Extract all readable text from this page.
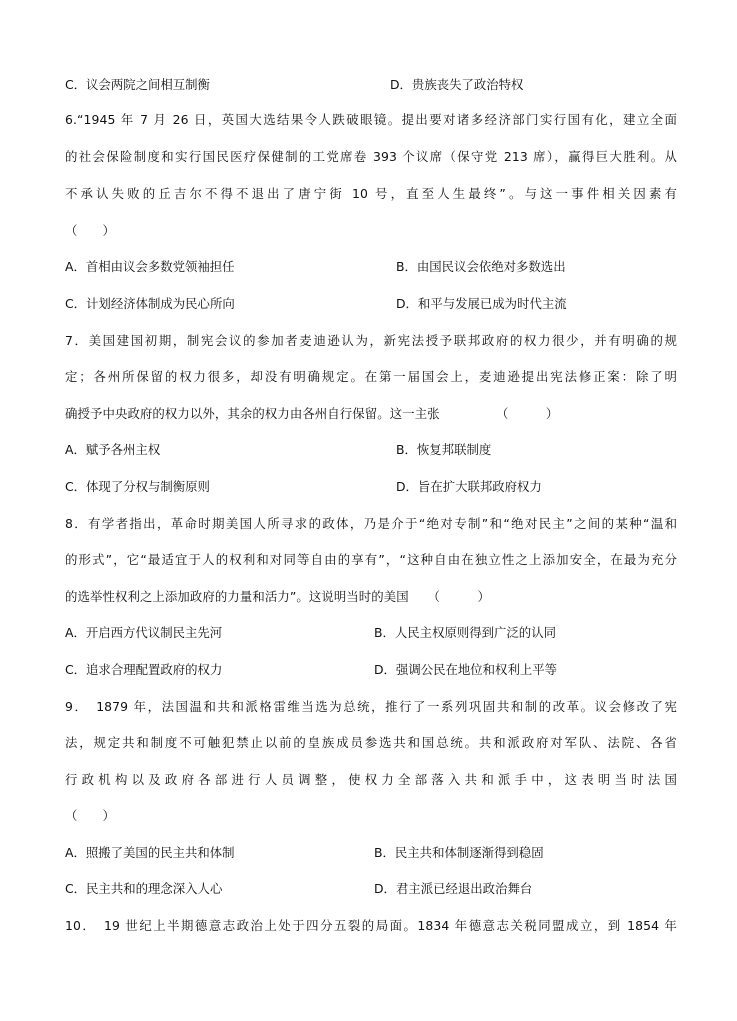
C．议会两院之间相互制衡	D．贵族丧失了政治特权
6.“1945 年 7 月 26 日，英国大选结果令人跌破眼镜。提出要对诸多经济部门实行国有化，建立全面
的社会保险制度和实行国民医疗保健制的工党席卷 393 个议席（保守党 213 席），赢得巨大胜利。从
不承认失败的丘吉尔不得不退出了唐宁街 10 号，直至人生最终”。与这一事件相关因素有
（　　）
A．首相由议会多数党领袖担任	B．由国民议会依绝对多数选出
C．计划经济体制成为民心所向	D．和平与发展已成为时代主流
7．美国建国初期，制宪会议的参加者麦迪逊认为，新宪法授予联邦政府的权力很少，并有明确的规
定；各州所保留的权力很多，却没有明确规定。在第一届国会上，麦迪逊提出宪法修正案：除了明
确授予中央政府的权力以外，其余的权力由各州自行保留。这一主张　　　　　（　　　）
A．赋予各州主权	B．恢复邦联制度
C．体现了分权与制衡原则	D．旨在扩大联邦政府权力
8．有学者指出，革命时期美国人所寻求的政体，乃是介于“绝对专制”和“绝对民主”之间的某种“温和
的形式”，它“最适宜于人的权利和对同等自由的享有”，“这种自由在独立性之上添加安全，在最为充分
的选举性权利之上添加政府的力量和活力”。这说明当时的美国　　（　　　）
A．开启西方代议制民主先河	B．人民主权原则得到广泛的认同
C．追求合理配置政府的权力	D．强调公民在地位和权利上平等
9．　1879 年，法国温和共和派格雷维当选为总统，推行了一系列巩固共和制的改革。议会修改了宪
法，规定共和制度不可触犯禁止以前的皇族成员参选共和国总统。共和派政府对军队、法院、各省
行政机构以及政府各部进行人员调整，使权力全部落入共和派手中，这表明当时法国
（　　）
A．照搬了美国的民主共和体制	B．民主共和体制逐渐得到稳固
C．民主共和的理念深入人心	D．君主派已经退出政治舞台
10．　19 世纪上半期德意志政治上处于四分五裂的局面。1834 年德意志关税同盟成立，到 1854 年
